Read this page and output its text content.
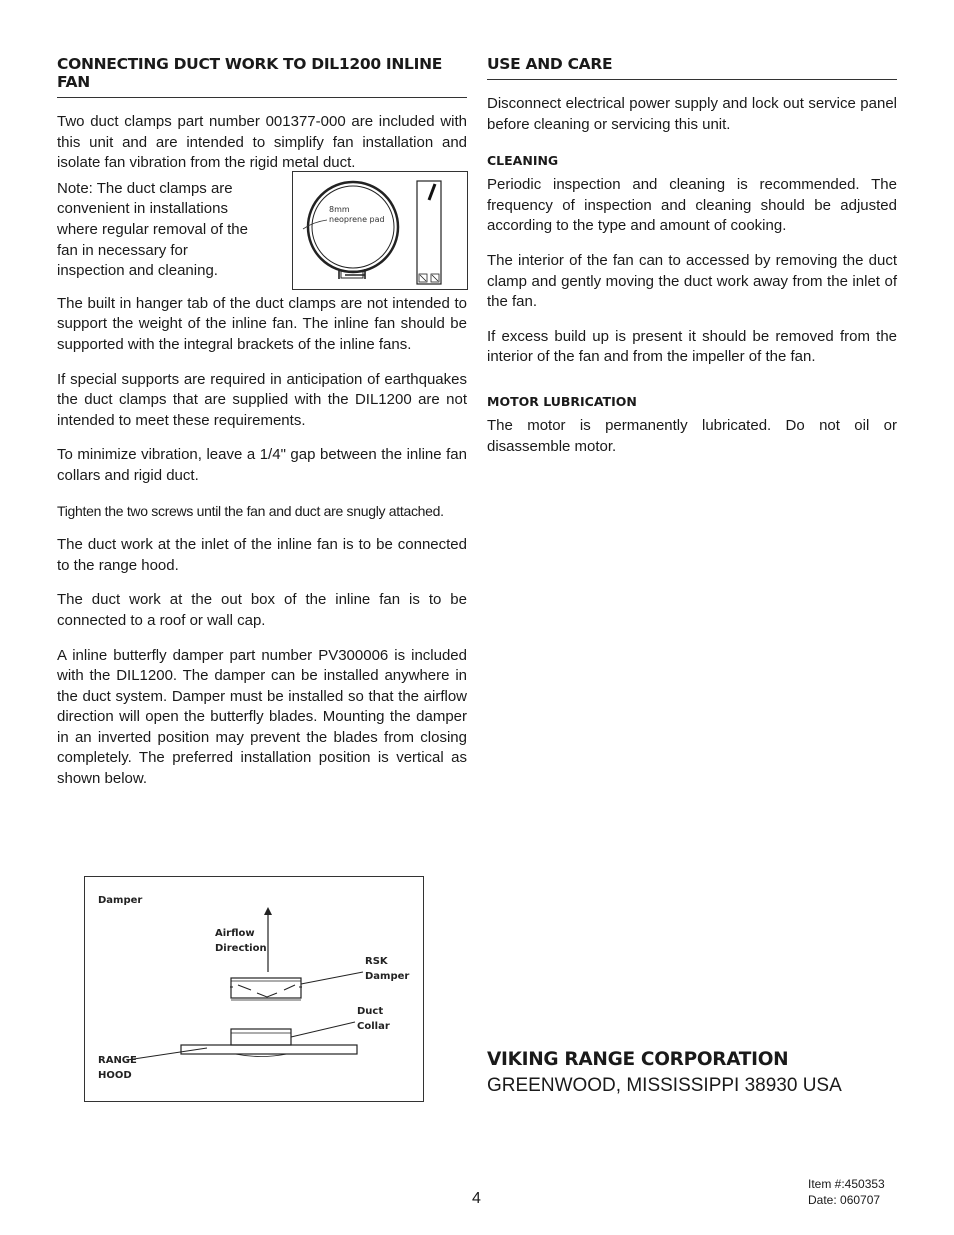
CONNECTING DUCT WORK TO DIL1200 INLINE FAN

Two duct clamps part number 001377-000 are included with this unit and are intended to simplify fan installation and isolate fan vibration from the rigid metal duct.

Note: The duct clamps are convenient in installations where regular removal of the fan in necessary for inspection and cleaning.

8mm
neoprene pad

The built in hanger tab of the duct clamps are not intended to support the weight of the inline fan. The inline fan should be supported with the integral brackets of the inline fans.

If special supports are required in anticipation of earthquakes the duct clamps that are supplied with the DIL1200 are not intended to meet these requirements.

To minimize vibration, leave a 1/4" gap between the inline fan collars and rigid duct.

Tighten the two screws until the fan and duct are snugly attached.

The duct work at the inlet of the inline fan is to be connected to the range hood.

The duct work at the out box of the inline fan is to be connected to a roof or wall cap.

A inline butterfly damper part number PV300006 is included with the DIL1200. The damper can be installed anywhere in the duct system. Damper must be installed so that the airflow direction will open the butterfly blades. Mounting the damper in an inverted position may prevent the blades from closing completely. The preferred installation position is vertical as shown below.

Damper
Airflow
Direction
RSK
Damper
Duct
Collar
RANGE
HOOD
USE AND CARE

Disconnect electrical power supply and lock out service panel before cleaning or servicing this unit.

CLEANING

Periodic inspection and cleaning is recommended. The frequency of inspection and cleaning should be adjusted according to the type and amount of cooking.

The interior of the fan can to accessed by removing the duct clamp and gently moving the duct work away from the inlet of the fan.

If excess build up is present it should be removed from the interior of the fan and from the impeller of the fan.

MOTOR LUBRICATION

The motor is permanently lubricated. Do not oil or disassemble motor.

VIKING RANGE CORPORATION
GREENWOOD, MISSISSIPPI 38930 USA
4
Item #:450353
Date: 060707
